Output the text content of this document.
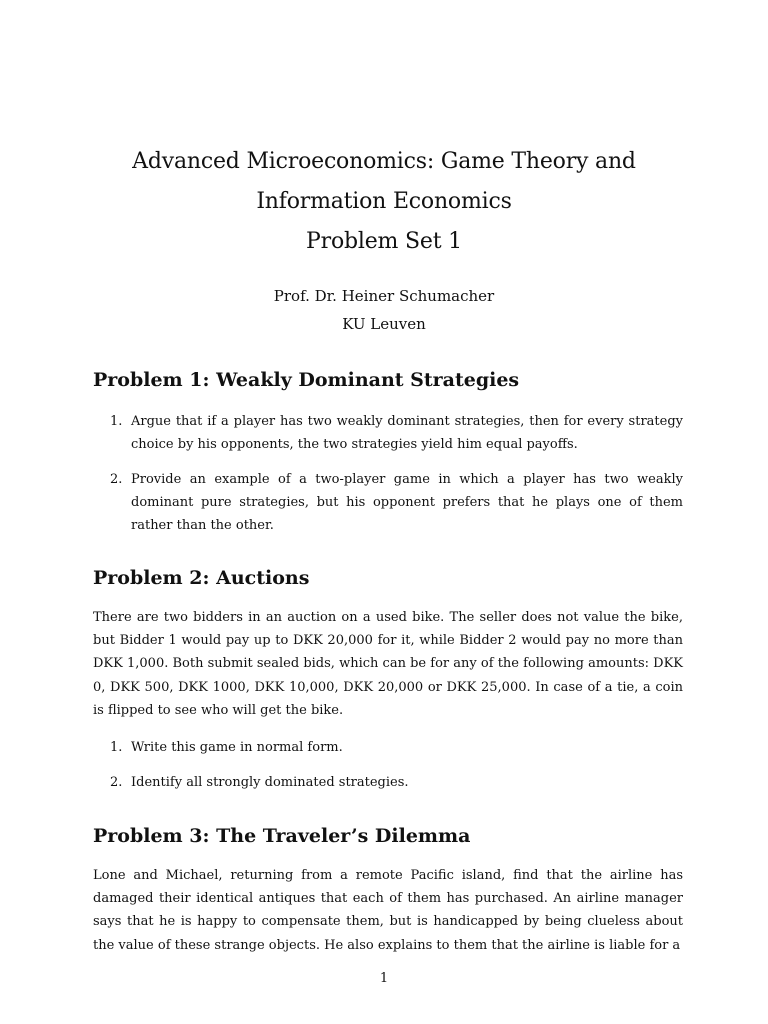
Advanced Microeconomics: Game Theory and
Information Economics
Problem Set 1
Prof. Dr. Heiner Schumacher
KU Leuven
Problem 1: Weakly Dominant Strategies
1. Argue that if a player has two weakly dominant strategies, then for every strategy choice by his opponents, the two strategies yield him equal payoffs.
2. Provide an example of a two-player game in which a player has two weakly dominant pure strategies, but his opponent prefers that he plays one of them rather than the other.
Problem 2: Auctions

There are two bidders in an auction on a used bike. The seller does not value the bike, but Bidder 1 would pay up to DKK 20,000 for it, while Bidder 2 would pay no more than DKK 1,000. Both submit sealed bids, which can be for any of the following amounts: DKK 0, DKK 500, DKK 1000, DKK 10,000, DKK 20,000 or DKK 25,000. In case of a tie, a coin is flipped to see who will get the bike.

1. Write this game in normal form.
2. Identify all strongly dominated strategies.
Problem 3: The Traveler’s Dilemma

Lone and Michael, returning from a remote Pacific island, find that the airline has damaged their identical antiques that each of them has purchased. An airline manager says that he is happy to compensate them, but is handicapped by being clueless about the value of these strange objects. He also explains to them that the airline is liable for a

1
